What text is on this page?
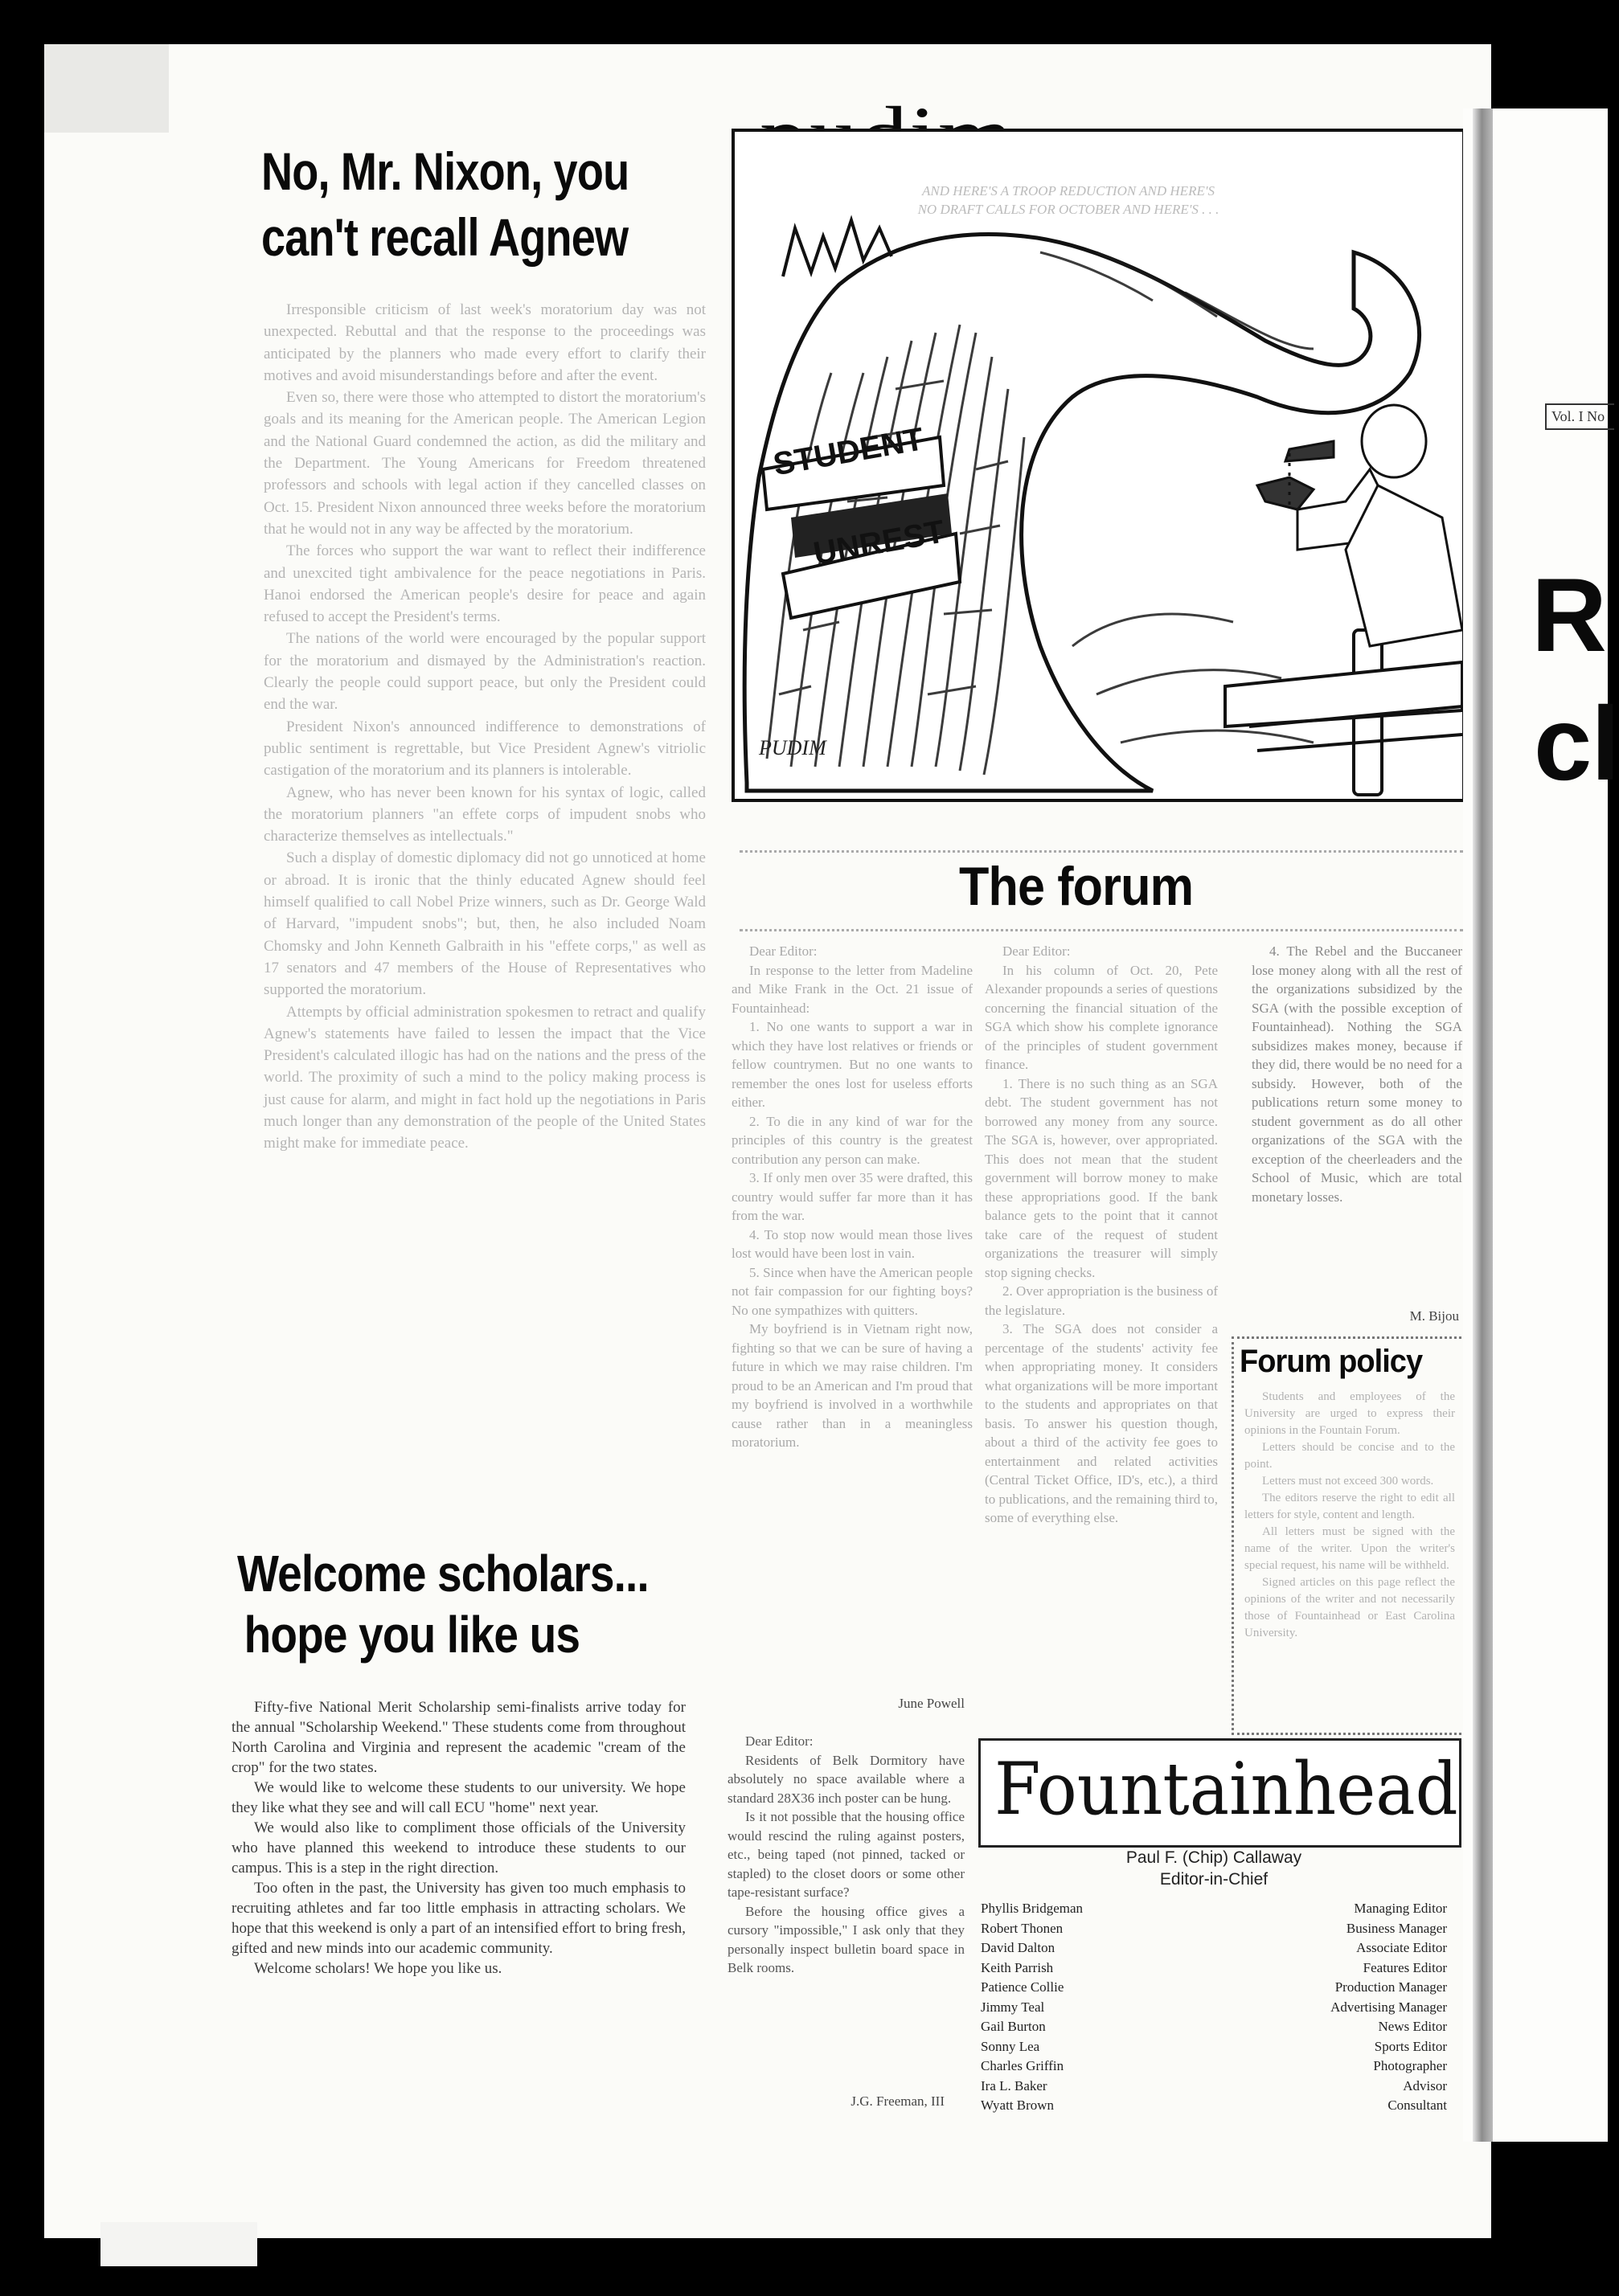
No, Mr. Nixon, you
can't recall Agnew

Irresponsible criticism of last week's moratorium day was not unexpected. Rebuttal and that the response to the proceedings was anticipated by the planners who made every effort to clarify their motives and avoid misunderstandings before and after the event.

Even so, there were those who attempted to distort the moratorium's goals and its meaning for the American people. The American Legion and the National Guard condemned the action, as did the military and the Department. The Young Americans for Freedom threatened professors and schools with legal action if they cancelled classes on Oct. 15. President Nixon announced three weeks before the moratorium that he would not in any way be affected by the moratorium.

The forces who support the war want to reflect their indifference and unexcited tight ambivalence for the peace negotiations in Paris. Hanoi endorsed the American people's desire for peace and again refused to accept the President's terms.

The nations of the world were encouraged by the popular support for the moratorium and dismayed by the Administration's reaction. Clearly the people could support peace, but only the President could end the war.

President Nixon's announced indifference to demonstrations of public sentiment is regrettable, but Vice President Agnew's vitriolic castigation of the moratorium and its planners is intolerable.

Agnew, who has never been known for his syntax of logic, called the moratorium planners "an effete corps of impudent snobs who characterize themselves as intellectuals."

Such a display of domestic diplomacy did not go unnoticed at home or abroad. It is ironic that the thinly educated Agnew should feel himself qualified to call Nobel Prize winners, such as Dr. George Wald of Harvard, "impudent snobs"; but, then, he also included Noam Chomsky and John Kenneth Galbraith in his "effete corps," as well as 17 senators and 47 members of the House of Representatives who supported the moratorium.

Attempts by official administration spokesmen to retract and qualify Agnew's statements have failed to lessen the impact that the Vice President's calculated illogic has had on the nations and the press of the world. The proximity of such a mind to the policy making process is just cause for alarm, and might in fact hold up the negotiations in Paris much longer than any demonstration of the people of the United States might make for immediate peace.

Welcome scholars...
hope you like us

Fifty-five National Merit Scholarship semi-finalists arrive today for the annual "Scholarship Weekend." These students come from throughout North Carolina and Virginia and represent the academic "cream of the crop" for the two states.

We would like to welcome these students to our university. We hope they like what they see and will call ECU "home" next year.

We would also like to compliment those officials of the University who have planned this weekend to introduce these students to our campus. This is a step in the right direction.

Too often in the past, the University has given too much emphasis to recruiting athletes and far too little emphasis in attracting scholars. We hope that this weekend is only a part of an intensified effort to bring fresh, gifted and new minds into our academic community.

Welcome scholars! We hope you like us.

AND HERE'S A TROOP REDUCTION AND HERE'S
NO DRAFT CALLS FOR OCTOBER AND HERE'S . . .
STUDENT
UNREST
PUDIM
The forum

Dear Editor:

In response to the letter from Madeline and Mike Frank in the Oct. 21 issue of Fountainhead:

1. No one wants to support a war in which they have lost relatives or friends or fellow countrymen. But no one wants to remember the ones lost for useless efforts either.

2. To die in any kind of war for the principles of this country is the greatest contribution any person can make.

3. If only men over 35 were drafted, this country would suffer far more than it has from the war.

4. To stop now would mean those lives lost would have been lost in vain.

5. Since when have the American people not fair compassion for our fighting boys? No one sympathizes with quitters.

My boyfriend is in Vietnam right now, fighting so that we can be sure of having a future in which we may raise children. I'm proud to be an American and I'm proud that my boyfriend is involved in a worthwhile cause rather than in a meaningless moratorium.

June Powell

Dear Editor:

Residents of Belk Dormitory have absolutely no space available where a standard 28X36 inch poster can be hung.

Is it not possible that the housing office would rescind the ruling against posters, etc., being taped (not pinned, tacked or stapled) to the closet doors or some other tape-resistant surface?

Before the housing office gives a cursory "impossible," I ask only that they personally inspect bulletin board space in Belk rooms.

J.G. Freeman, III

Dear Editor:

In his column of Oct. 20, Pete Alexander propounds a series of questions concerning the financial situation of the SGA which show his complete ignorance of the principles of student government finance.

1. There is no such thing as an SGA debt. The student government has not borrowed any money from any source. The SGA is, however, over appropriated. This does not mean that the student government will borrow money to make these appropriations good. If the bank balance gets to the point that it cannot take care of the request of student organizations the treasurer will simply stop signing checks.

2. Over appropriation is the business of the legislature.

3. The SGA does not consider a percentage of the students' activity fee when appropriating money. It considers what organizations will be more important to the students and appropriates on that basis. To answer his question though, about a third of the activity fee goes to entertainment and related activities (Central Ticket Office, ID's, etc.), a third to publications, and the remaining third to, some of everything else.

4. The Rebel and the Buccaneer lose money along with all the rest of the organizations subsidized by the SGA (with the possible exception of Fountainhead). Nothing the SGA subsidizes makes money, because if they did, there would be no need for a subsidy. However, both of the publications return some money to student government as do all other organizations of the SGA with the exception of the cheerleaders and the School of Music, which are total monetary losses.

M. Bijou
Forum policy

Students and employees of the University are urged to express their opinions in the Fountain Forum.

Letters should be concise and to the point.

Letters must not exceed 300 words.

The editors reserve the right to edit all letters for style, content and length.

All letters must be signed with the name of the writer. Upon the writer's special request, his name will be withheld.

Signed articles on this page reflect the opinions of the writer and not necessarily those of Fountainhead or East Carolina University.

Fountainhead
Paul F. (Chip) Callaway
Editor-in-Chief
Phyllis Bridgeman	Managing Editor
Robert Thonen	Business Manager
David Dalton	Associate Editor
Keith Parrish	Features Editor
Patience Collie	Production Manager
Jimmy Teal	Advertising Manager
Gail Burton	News Editor
Sonny Lea	Sports Editor
Charles Griffin	Photographer
Ira L. Baker	Advisor
Wyatt Brown	Consultant
Vol. I No
R
cl
